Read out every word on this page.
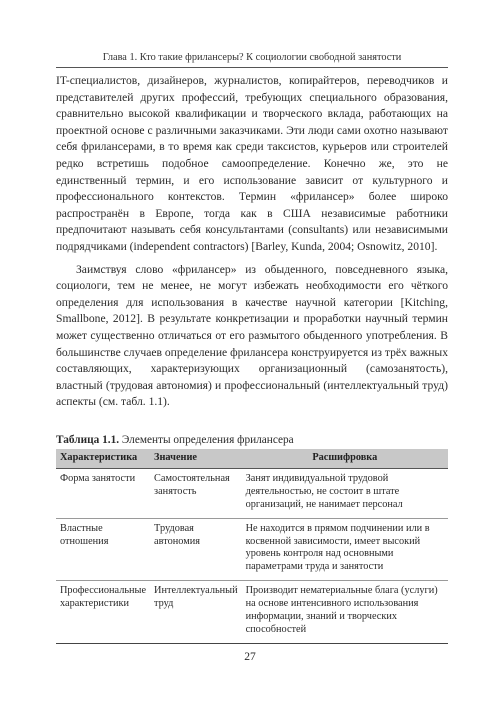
Глава 1. Кто такие фрилансеры? К социологии свободной занятости

IT-специалистов, дизайнеров, журналистов, копирайтеров, переводчиков и представителей других профессий, требующих специального образования, сравнительно высокой квалификации и творческого вклада, работающих на проектной основе с различными заказчиками. Эти люди сами охотно называют себя фрилансерами, в то время как среди таксистов, курьеров или строителей редко встретишь подобное самоопределение. Конечно же, это не единственный термин, и его использование зависит от культурного и профессионального контекстов. Термин «фрилансер» более широко распространён в Европе, тогда как в США независимые работники предпочитают называть себя консультантами (consultants) или независимыми подрядчиками (independent contractors) [Barley, Kunda, 2004; Osnowitz, 2010].

Заимствуя слово «фрилансер» из обыденного, повседневного языка, социологи, тем не менее, не могут избежать необходимости его чёткого определения для использования в качестве научной категории [Kitching, Smallbone, 2012]. В результате конкретизации и проработки научный термин может существенно отличаться от его размытого обыденного употребления. В большинстве случаев определение фрилансера конструируется из трёх важных составляющих, характеризующих организационный (самозанятость), властный (трудовая автономия) и профессиональный (интеллектуальный труд) аспекты (см. табл. 1.1).

Таблица 1.1. Элементы определения фрилансера
Характеристика	Значение	Расшифровка
Форма занятости	Самостоятельная занятость	Занят индивидуальной трудовой деятельностью, не состоит в штате организаций, не нанимает персонал
Властные отношения	Трудовая автономия	Не находится в прямом подчинении или в косвенной зависимости, имеет высокий уровень контроля над основными параметрами труда и занятости
Профессиональные характеристики	Интеллектуальный труд	Производит нематериальные блага (услуги) на основе интенсивного использования информации, знаний и творческих способностей
27
